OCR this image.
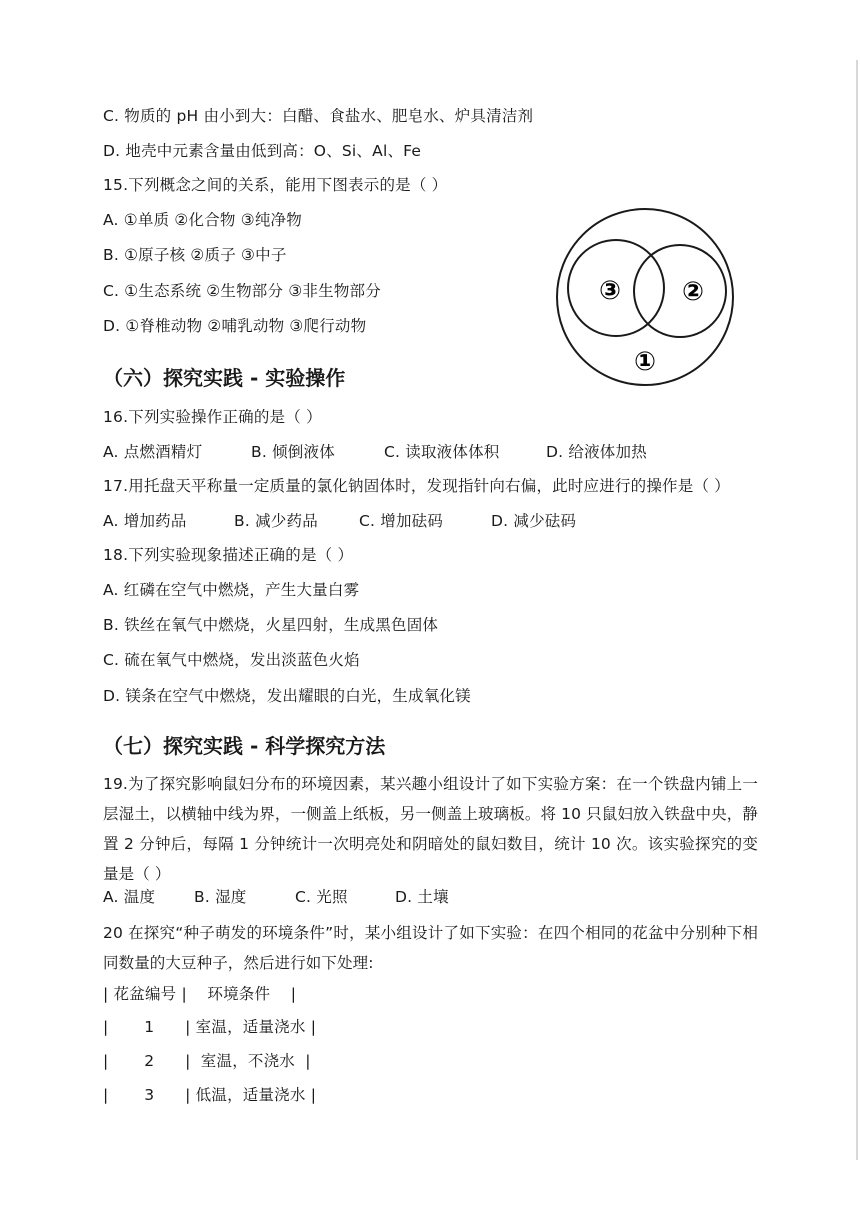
C. 物质的 pH 由小到大：白醋、食盐水、肥皂水、炉具清洁剂
D. 地壳中元素含量由低到高：O、Si、Al、Fe
15.下列概念之间的关系，能用下图表示的是（ ）
A. ①单质 ②化合物 ③纯净物
B. ①原子核 ②质子 ③中子
C. ①生态系统 ②生物部分 ③非生物部分
D. ①脊椎动物 ②哺乳动物 ③爬行动物
③ ②
①
（六）探究实践 - 实验操作
16.下列实验操作正确的是（ ）
A. 点燃酒精灯	B. 倾倒液体	C. 读取液体体积	D. 给液体加热
17.用托盘天平称量一定质量的氯化钠固体时，发现指针向右偏，此时应进行的操作是（ ）
A. 增加药品	B. 减少药品	C. 增加砝码	D. 减少砝码
18.下列实验现象描述正确的是（ ）
A. 红磷在空气中燃烧，产生大量白雾
B. 铁丝在氧气中燃烧，火星四射，生成黑色固体
C. 硫在氧气中燃烧，发出淡蓝色火焰
D. 镁条在空气中燃烧，发出耀眼的白光，生成氧化镁
（七）探究实践 - 科学探究方法
19.为了探究影响鼠妇分布的环境因素，某兴趣小组设计了如下实验方案：在一个铁盘内铺上一层湿土，以横轴中线为界，一侧盖上纸板，另一侧盖上玻璃板。将 10 只鼠妇放入铁盘中央，静置 2 分钟后，每隔 1 分钟统计一次明亮处和阴暗处的鼠妇数目，统计 10 次。该实验探究的变量是（ ）
A. 温度	B. 湿度	C. 光照	D. 土壤
20 在探究“种子萌发的环境条件”时，某小组设计了如下实验：在四个相同的花盆中分别种下相同数量的大豆种子，然后进行如下处理:
| 花盆编号 |    环境条件    |
|       1      | 室温，适量浇水 |
|       2      |  室温，不浇水  |
|       3      | 低温，适量浇水 |
